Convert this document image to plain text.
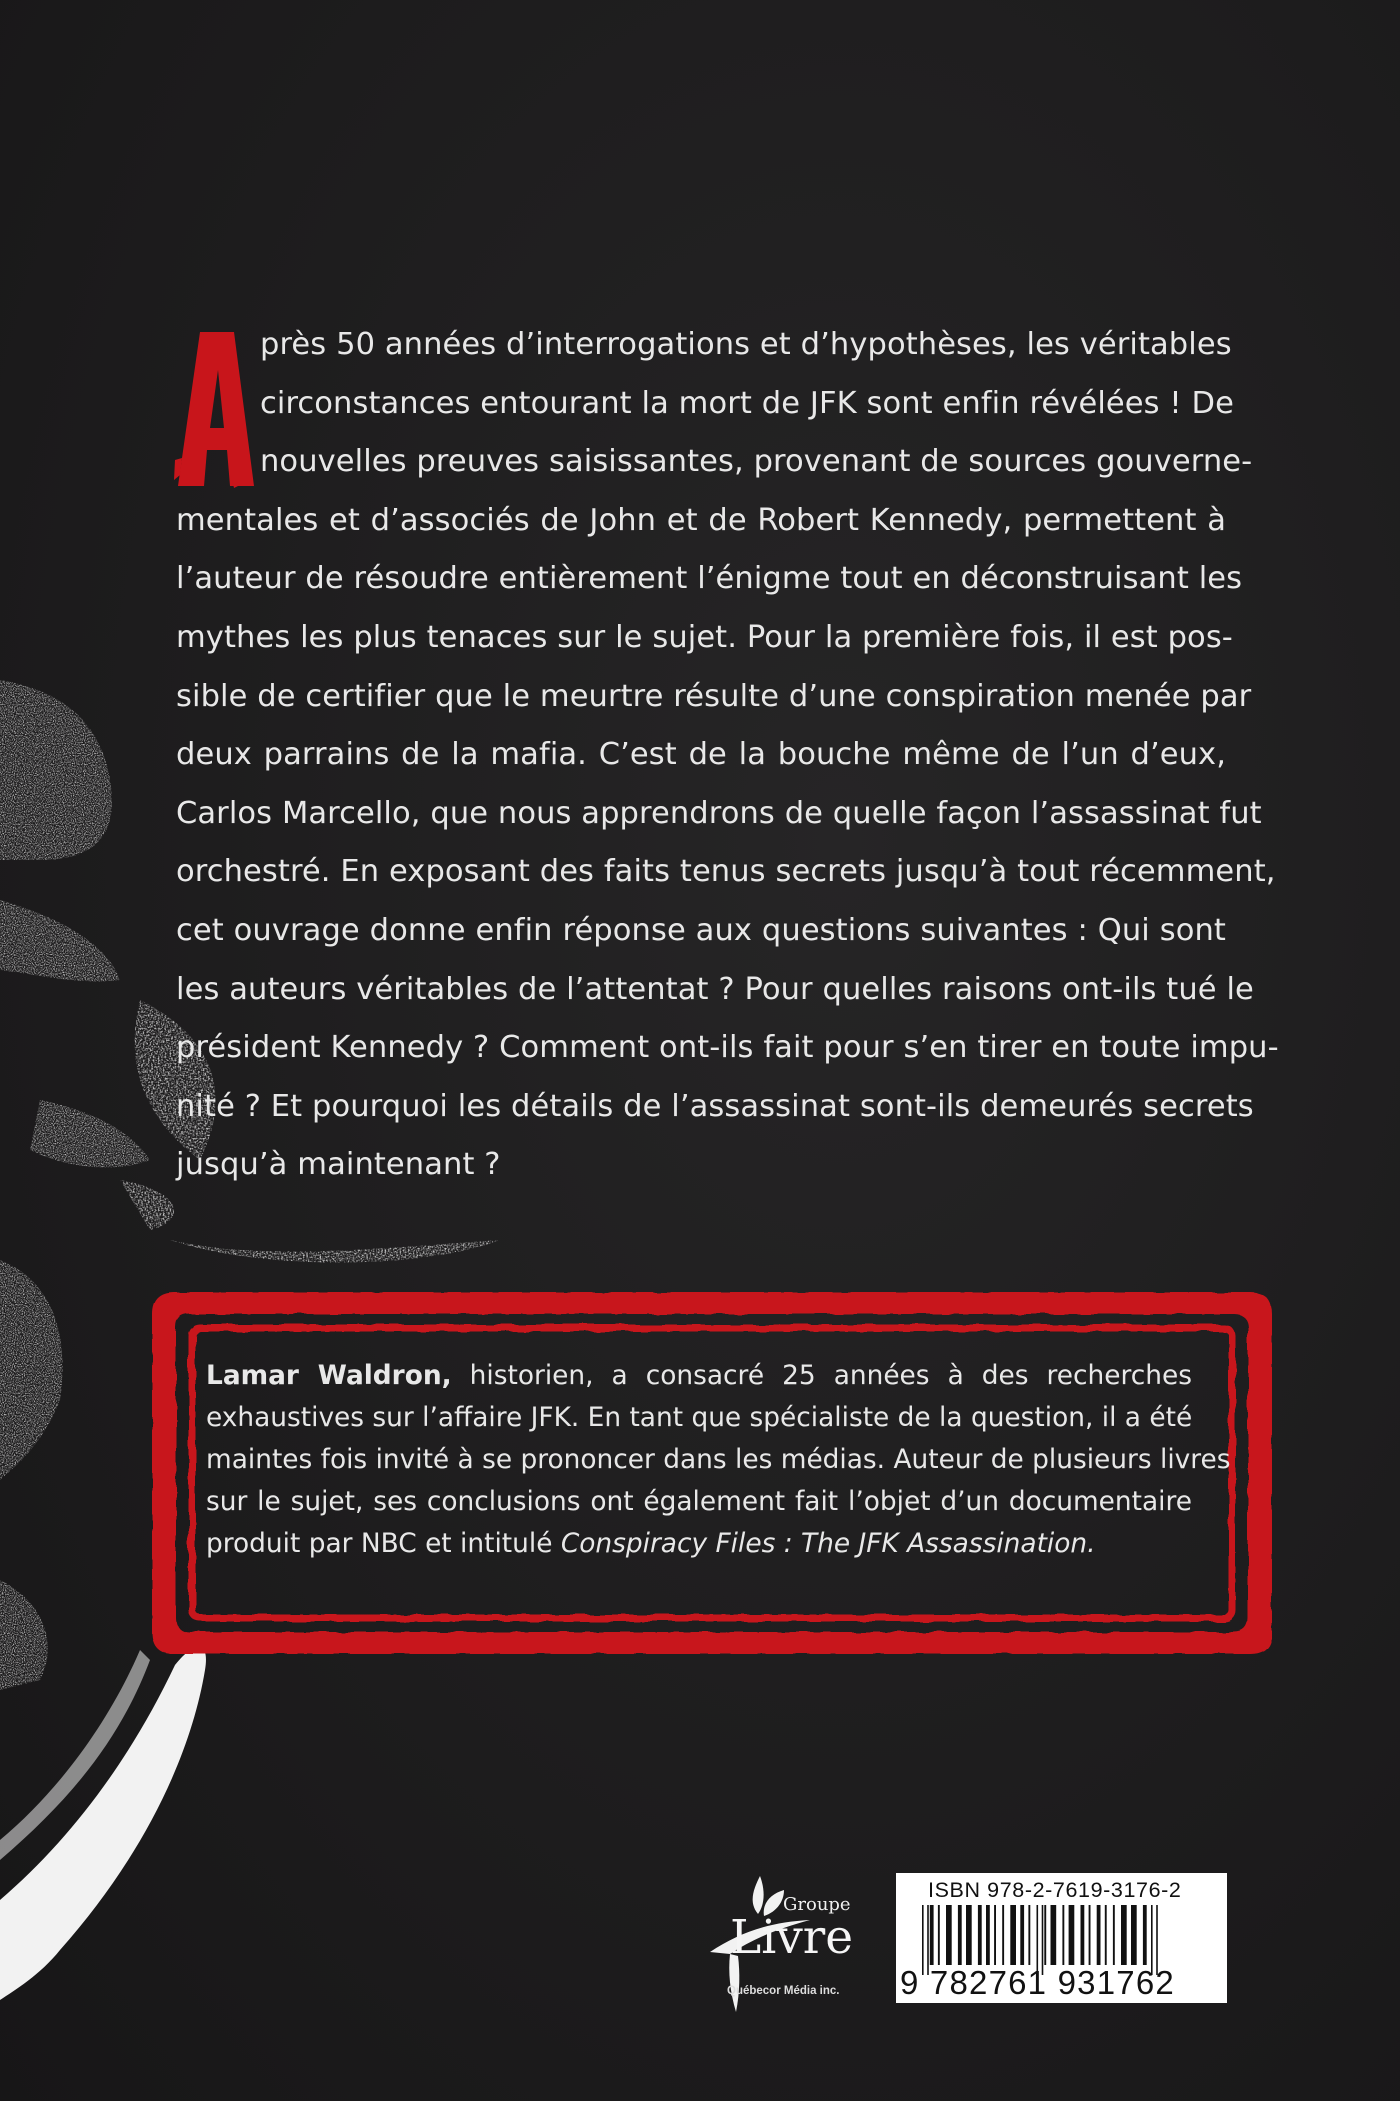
A
près 50 années d’interrogations et d’hypothèses, les véritables
circonstances entourant la mort de JFK sont enfin révélées ! De
nouvelles preuves saisissantes, provenant de sources gouverne-
mentales et d’associés de John et de Robert Kennedy, permettent à
l’auteur de résoudre entièrement l’énigme tout en déconstruisant les
mythes les plus tenaces sur le sujet. Pour la première fois, il est pos-
sible de certifier que le meurtre résulte d’une conspiration menée par
deux parrains de la mafia. C’est de la bouche même de l’un d’eux,
Carlos Marcello, que nous apprendrons de quelle façon l’assassinat fut
orchestré. En exposant des faits tenus secrets jusqu’à tout récemment,
cet ouvrage donne enfin réponse aux questions suivantes : Qui sont
les auteurs véritables de l’attentat ? Pour quelles raisons ont-ils tué le
président Kennedy ? Comment ont-ils fait pour s’en tirer en toute impu-
nité ? Et pourquoi les détails de l’assassinat sont-ils demeurés secrets
jusqu’à maintenant ?
Lamar Waldron, historien, a consacré 25 années à des recherches
exhaustives sur l’affaire JFK. En tant que spécialiste de la question, il a été
maintes fois invité à se prononcer dans les médias. Auteur de plusieurs livres
sur le sujet, ses conclusions ont également fait l’objet d’un documentaire
produit par NBC et intitulé Conspiracy Files : The JFK Assassination.
Groupe
Livre
Québecor Média inc.
ISBN 978-2-7619-3176-2
9 782761 931762
